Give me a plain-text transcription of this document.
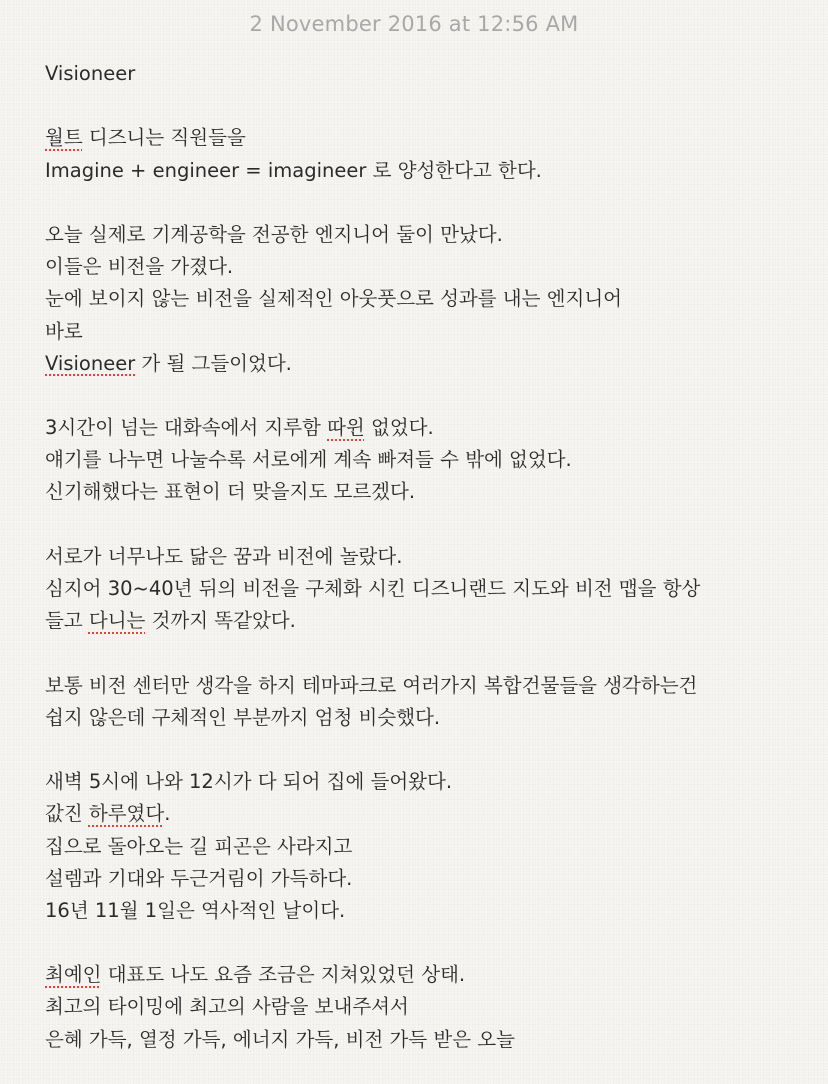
2 November 2016 at 12:56 AM
Visioneer
월트 디즈니는 직원들을
Imagine + engineer = imagineer 로 양성한다고 한다.
오늘 실제로 기계공학을 전공한 엔지니어 둘이 만났다.
이들은 비전을 가졌다.
눈에 보이지 않는 비전을 실제적인 아웃풋으로 성과를 내는 엔지니어
바로
Visioneer 가 될 그들이었다.
3시간이 넘는 대화속에서 지루함 따윈 없었다.
얘기를 나누면 나눌수록 서로에게 계속 빠져들 수 밖에 없었다.
신기해했다는 표현이 더 맞을지도 모르겠다.
서로가 너무나도 닮은 꿈과 비전에 놀랐다.
심지어 30~40년 뒤의 비전을 구체화 시킨 디즈니랜드 지도와 비전 맵을 항상
들고 다니는 것까지 똑같았다.
보통 비전 센터만 생각을 하지 테마파크로 여러가지 복합건물들을 생각하는건
쉽지 않은데 구체적인 부분까지 엄청 비슷했다.
새벽 5시에 나와 12시가 다 되어 집에 들어왔다.
값진 하루였다.
집으로 돌아오는 길 피곤은 사라지고
설렘과 기대와 두근거림이 가득하다.
16년 11월 1일은 역사적인 날이다.
최예인 대표도 나도 요즘 조금은 지쳐있었던 상태.
최고의 타이밍에 최고의 사람을 보내주셔서
은혜 가득, 열정 가득, 에너지 가득, 비전 가득 받은 오늘
